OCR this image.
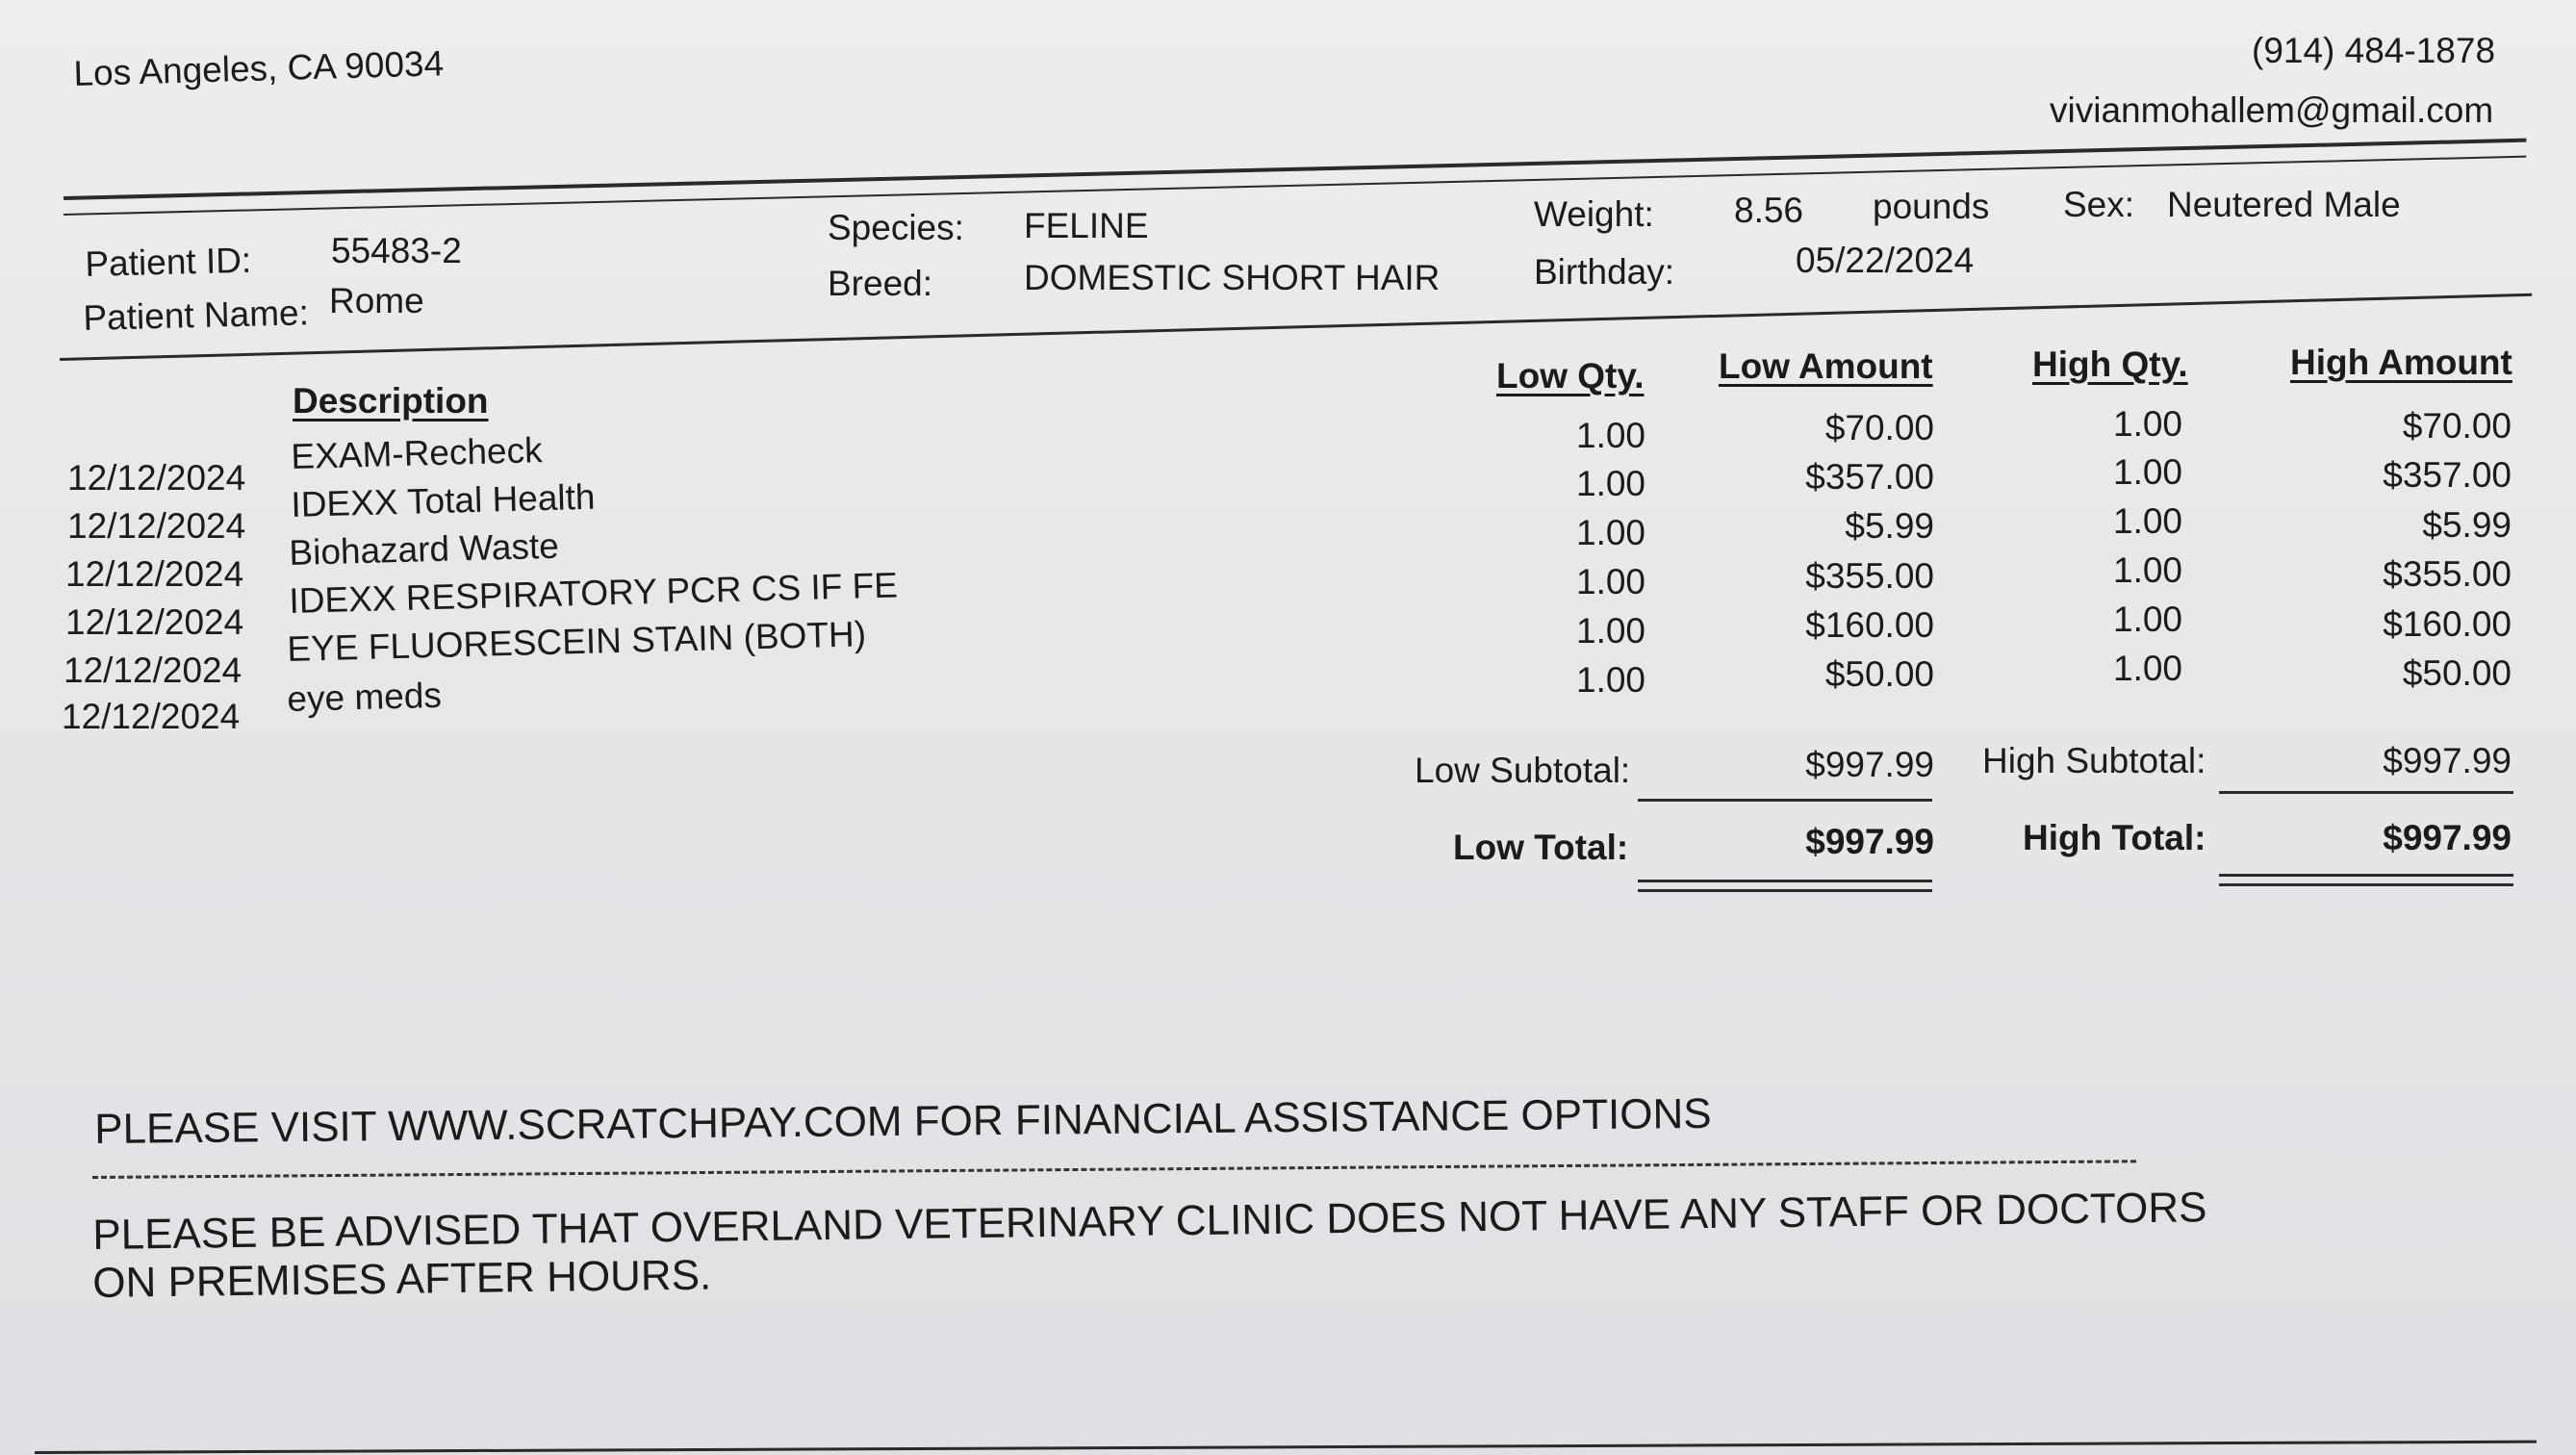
Los Angeles, CA 90034	(914) 484-1878
vivianmohallem@gmail.com
Patient ID: 55483-2
Patient Name: Rome
Species: FELINE
Breed:	DOMESTIC SHORT HAIR
Weight: 8.56 pounds
Birthday:	05/22/2024
Sex: Neutered Male
Description
Low Qty. Low Amount	High Qty.	High Amount
12/12/2024
EXAM-Recheck	1.00	$70.00	1.00	$70.00
12/12/2024
IDEXX Total Health	1.00	$357.00	1.00	$357.00
12/12/2024
Biohazard Waste	1.00	$5.99	1.00	$5.99
12/12/2024
IDEXX RESPIRATORY PCR CS IF FE	1.00	$355.00	1.00	$355.00
12/12/2024
EYE FLUORESCEIN STAIN (BOTH)	1.00	$160.00	1.00	$160.00
12/12/2024 eye meds	1.00	$50.00	1.00	$50.00
Low Subtotal:	$997.99 High Subtotal:	$997.99
Low Total:	$997.99 High Total:	$997.99
PLEASE VISIT WWW.SCRATCHPAY.COM FOR FINANCIAL ASSISTANCE OPTIONS
PLEASE BE ADVISED THAT OVERLAND VETERINARY CLINIC DOES NOT HAVE ANY STAFF OR DOCTORS
ON PREMISES AFTER HOURS.
